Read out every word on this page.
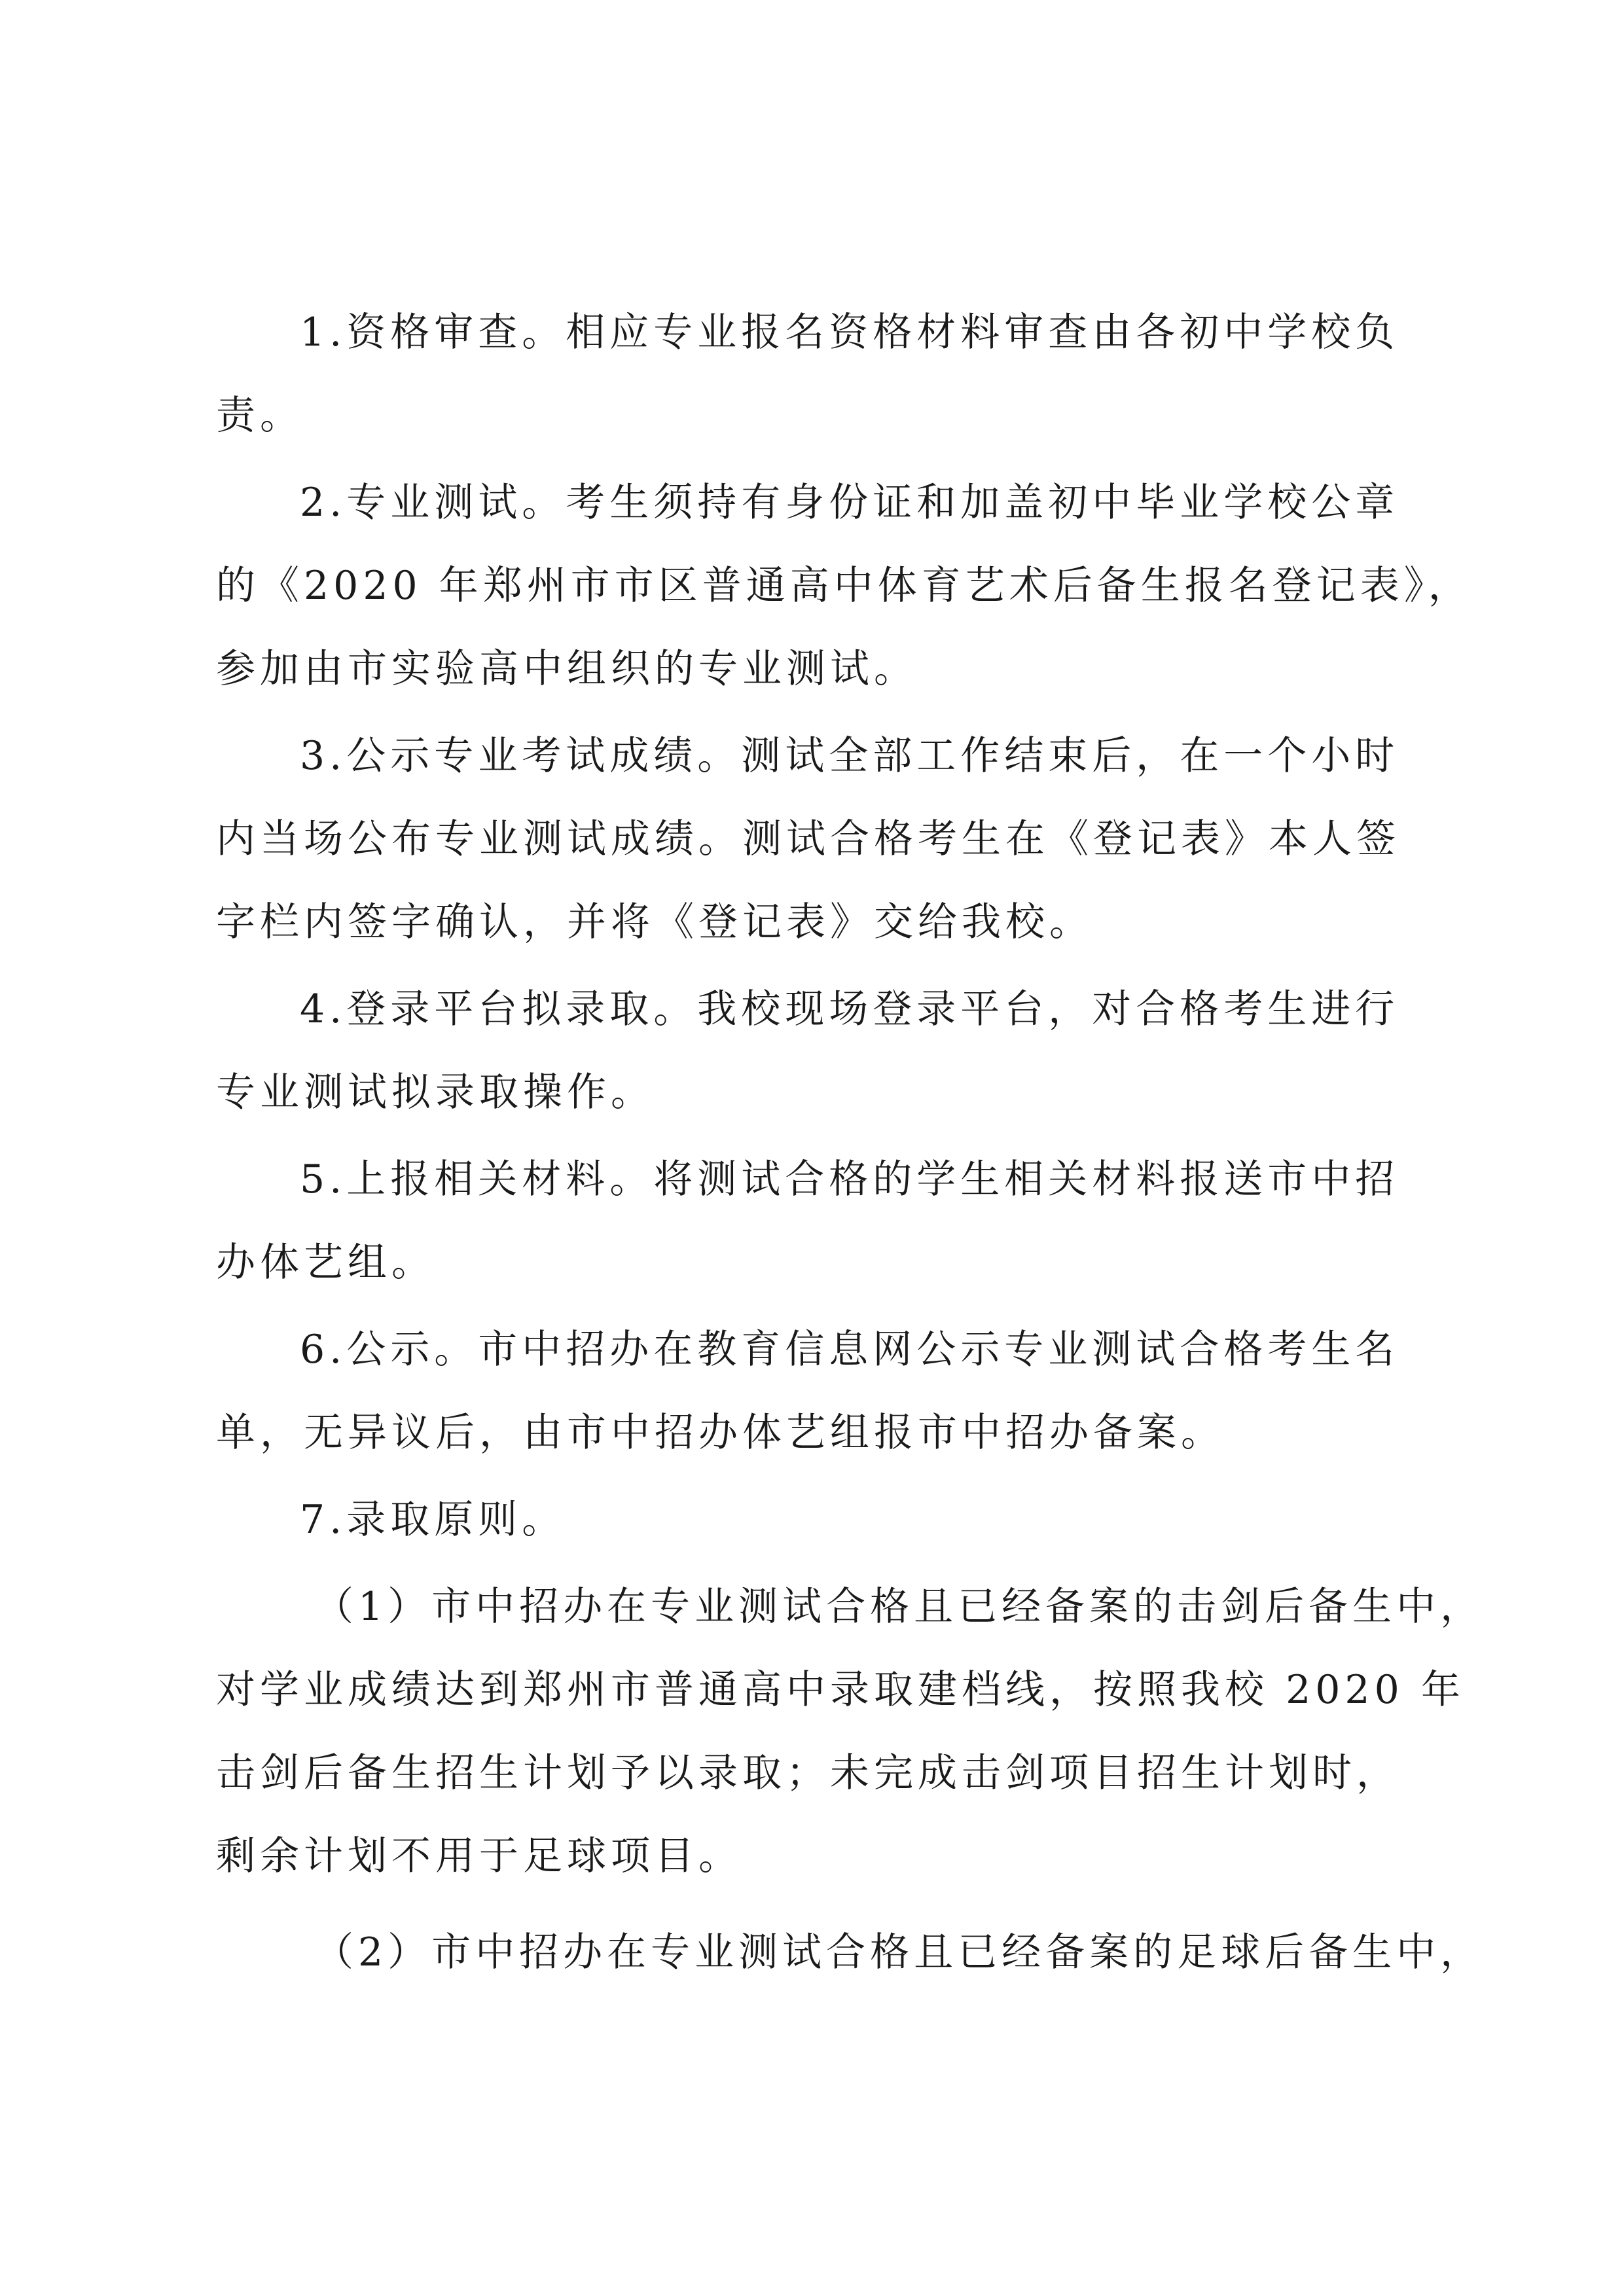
1.资格审查。相应专业报名资格材料审查由各初中学校负
责。
2.专业测试。考生须持有身份证和加盖初中毕业学校公章
的《2020 年郑州市市区普通高中体育艺术后备生报名登记表》，
参加由市实验高中组织的专业测试。
3.公示专业考试成绩。测试全部工作结束后，在一个小时
内当场公布专业测试成绩。测试合格考生在《登记表》本人签
字栏内签字确认，并将《登记表》交给我校。
4.登录平台拟录取。我校现场登录平台，对合格考生进行
专业测试拟录取操作。
5.上报相关材料。将测试合格的学生相关材料报送市中招
办体艺组。
6.公示。市中招办在教育信息网公示专业测试合格考生名
单，无异议后，由市中招办体艺组报市中招办备案。
7.录取原则。
（1）市中招办在专业测试合格且已经备案的击剑后备生中，
对学业成绩达到郑州市普通高中录取建档线，按照我校 2020 年
击剑后备生招生计划予以录取；未完成击剑项目招生计划时，
剩余计划不用于足球项目。
（2）市中招办在专业测试合格且已经备案的足球后备生中，
